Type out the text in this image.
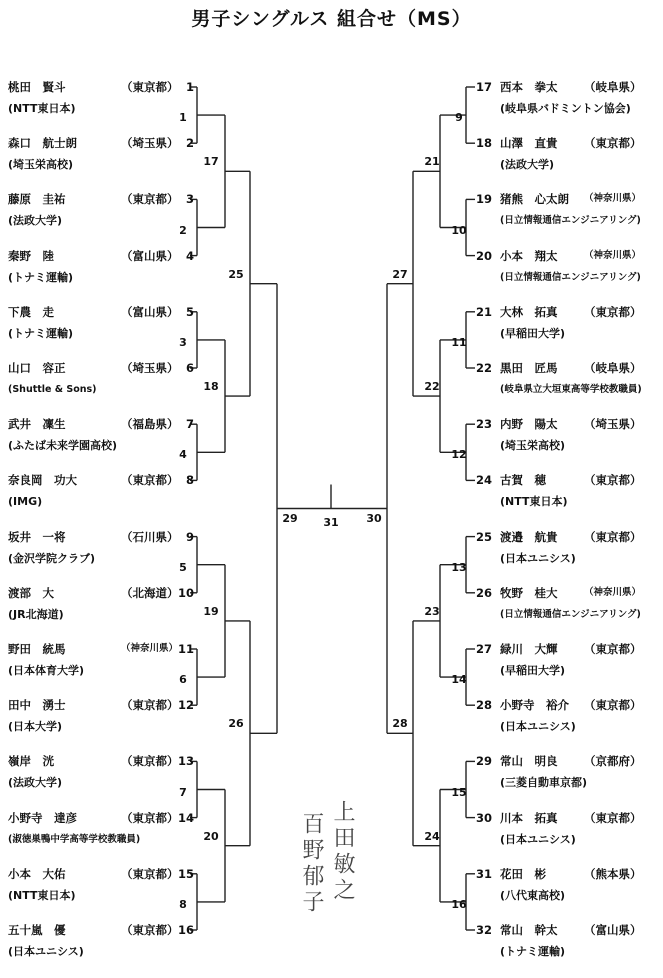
男子シングルス 組合せ（MS）
1
桃田　賢斗	（東京都）
(NTT東日本)
2
森口　航士朗	（埼玉県）
(埼玉栄高校)
3
藤原　圭祐	（東京都）
(法政大学)
4
秦野　陸	（富山県）
(トナミ運輸)
5
下農　走	（富山県）
(トナミ運輸)
6
山口　容正	（埼玉県）
(Shuttle & Sons)
7
武井　凜生	（福島県）
(ふたば未来学園高校)
8
奈良岡　功大	（東京都）
(IMG)
9
坂井　一将	（石川県）
(金沢学院クラブ)
10
渡部　大	（北海道）
(JR北海道)
11
野田　統馬	（神奈川県）
(日本体育大学)
12
田中　湧士	（東京都）
(日本大学)
13
嶺岸　洸	（東京都）
(法政大学)
14
小野寺　達彦	（東京都）
(淑徳巣鴨中学高等学校教職員)
15
小本　大佑	（東京都）
(NTT東日本)
16
五十嵐　優	（東京都）
(日本ユニシス)
17 西本　拳太 （岐阜県）
(岐阜県バドミントン協会)
18 山澤　直貴 （東京都）
(法政大学)
19 猪熊　心太朗 （神奈川県）
(日立情報通信エンジニアリング)
20 小本　翔太	（神奈川県）
(日立情報通信エンジニアリング)
21 大林　拓真 （東京都）
(早稲田大学)
22 黒田　匠馬 （岐阜県）
(岐阜県立大垣東高等学校教職員)
23 内野　陽太 （埼玉県）
(埼玉栄高校)
24 古賀　穂	（東京都）
(NTT東日本)
25 渡邉　航貴 （東京都）
(日本ユニシス)
26 牧野　桂大	（神奈川県）
(日立情報通信エンジニアリング)
27 緑川　大輝 （東京都）
(早稲田大学)
28 小野寺　裕介 （東京都）
(日本ユニシス)
29 常山　明良 （京都府）
(三菱自動車京都)
30 川本　拓真 （東京都）
(日本ユニシス)
31 花田　彬	（熊本県）
(八代東高校)
32 常山　幹太 （富山県）
(トナミ運輸)
1
2
3
4
5
6
7
8
17
18
19
20
25
26
29
9
10
11
12
13
14
15
16
21
22
23
24
27
28
30
31
上田敏之
百野郁子
